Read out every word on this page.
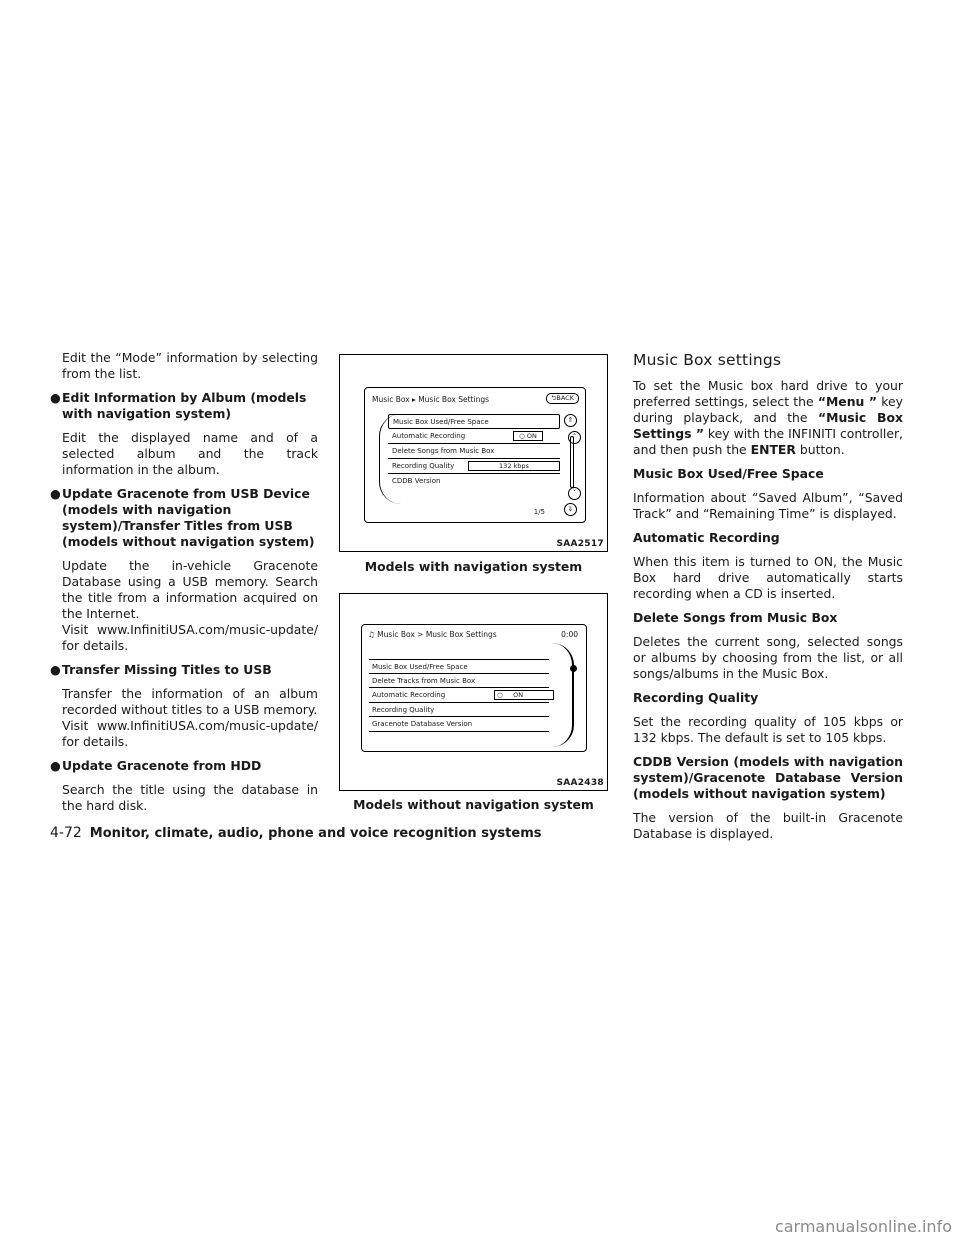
Edit the “Mode” information by selecting from the list.

● Edit Information by Album (models with navigation system)

Edit the displayed name and of a selected album and the track information in the album.

● Update Gracenote from USB Device (models with navigation system)/Transfer Titles from USB (models without navigation system)

Update the in-vehicle Gracenote Database using a USB memory. Search the title from a information acquired on the Internet.

Visit www.InfinitiUSA.com/music-update/ for details.

● Transfer Missing Titles to USB

Transfer the information of an album recorded without titles to a USB memory.

Visit www.InfinitiUSA.com/music-update/ for details.

● Update Gracenote from HDD

Search the title using the database in the hard disk.

Music Box ▸ Music Box Settings	⮌BACK
Music Box Used/Free Space
Automatic Recording	○ ON
Delete Songs from Music Box
Recording Quality	132 kbps
CDDB Version
⇑
˄
˅
⇓
1/5
SAA2517
Models with navigation system
♫ Music Box > Music Box Settings	0:00
Music Box Used/Free Space
Delete Tracks from Music Box
Automatic Recording	○     ON
Recording Quality
Gracenote Database Version
SAA2438
Models without navigation system
Music Box settings

To set the Music box hard drive to your preferred settings, select the “Menu ” key during playback, and the “Music Box Settings ” key with the INFINITI controller, and then push the ENTER button.

Music Box Used/Free Space

Information about “Saved Album”, “Saved Track” and “Remaining Time” is displayed.

Automatic Recording

When this item is turned to ON, the Music Box hard drive automatically starts recording when a CD is inserted.

Delete Songs from Music Box

Deletes the current song, selected songs or albums by choosing from the list, or all songs/albums in the Music Box.

Recording Quality

Set the recording quality of 105 kbps or 132 kbps. The default is set to 105 kbps.

CDDB Version (models with navigation system)/Gracenote Database Version (models without navigation system)

The version of the built-in Gracenote Database is displayed.

4-72 Monitor, climate, audio, phone and voice recognition systems
carmanualsonline.info
